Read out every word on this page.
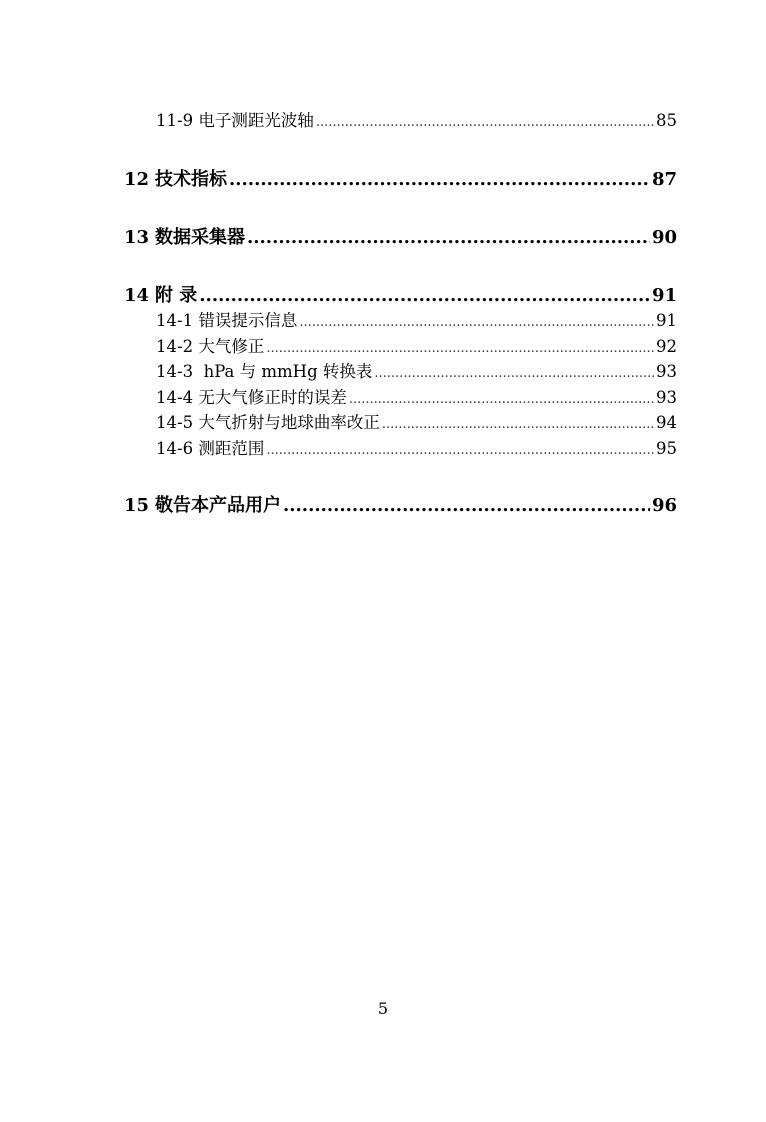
11-9 电子测距光波轴 .....	85
12 技术指标 .....	87
13 数据采集器 .....	90
14 附 录 .....	91
14-1 错误提示信息 .....	91
14-2 大气修正 .....	92
14-3  hPa 与 mmHg 转换表 .....	93
14-4 无大气修正时的误差 .....	93
14-5 大气折射与地球曲率改正 .....	94
14-6 测距范围 .....	95
15 敬告本产品用户 .....	96
5
